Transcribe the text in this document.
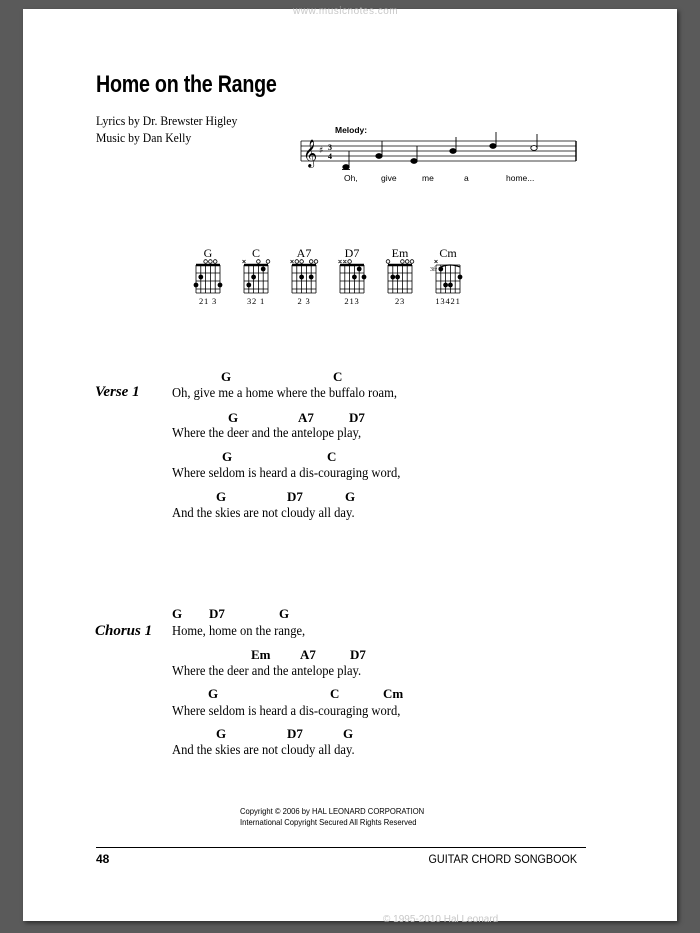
www.musicnotes.com
Home on the Range
Lyrics by Dr. Brewster Higley
Music by Dan Kelly	Melody:
𝄞 ♯ 3
4
Oh,	give	me	a	home...
G
21 3
C
32 1
A7
2 3
D7
213
Em
23
Cm
3fr
13421
Verse 1
G	C
Oh, give me a home where the buffalo roam,
G	A7	D7
Where the deer and the antelope play,
G	C
Where seldom is heard a dis-couraging word,
G	D7	G
And the skies are not cloudy all day.
Chorus 1
G D7	G
Home, home on the range,
Em A7	D7
Where the deer and the antelope play.
G	C	Cm
Where seldom is heard a dis-couraging word,
G	D7	G
And the skies are not cloudy all day.
Copyright © 2006 by HAL LEONARD CORPORATION
International Copyright Secured All Rights Reserved
48	GUITAR CHORD SONGBOOK
© 1995-2010 Hal Leonard
